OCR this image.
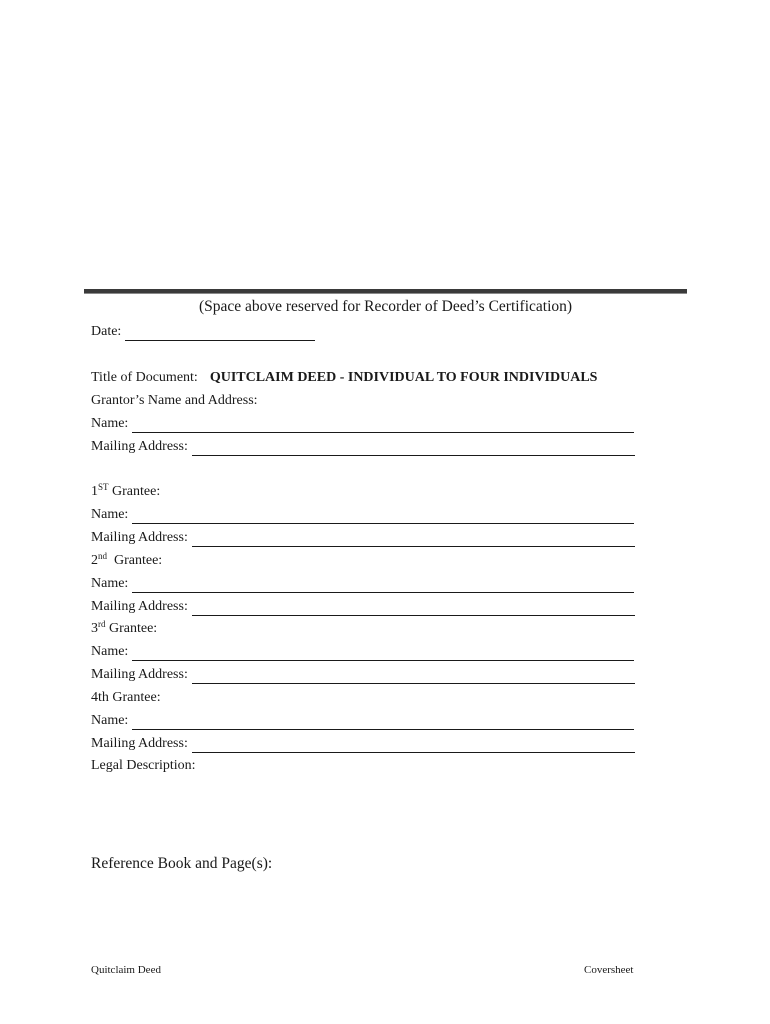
(Space above reserved for Recorder of Deed’s Certification)
Date:
Title of Document: QUITCLAIM DEED - INDIVIDUAL TO FOUR INDIVIDUALS
Grantor’s Name and Address:
Name:
Mailing Address:
1ST Grantee:
Name:
Mailing Address:
2nd  Grantee:
Name:
Mailing Address:
3rd Grantee:
Name:
Mailing Address:
4th Grantee:
Name:
Mailing Address:
Legal Description:
Reference Book and Page(s):
Quitclaim Deed	Coversheet
